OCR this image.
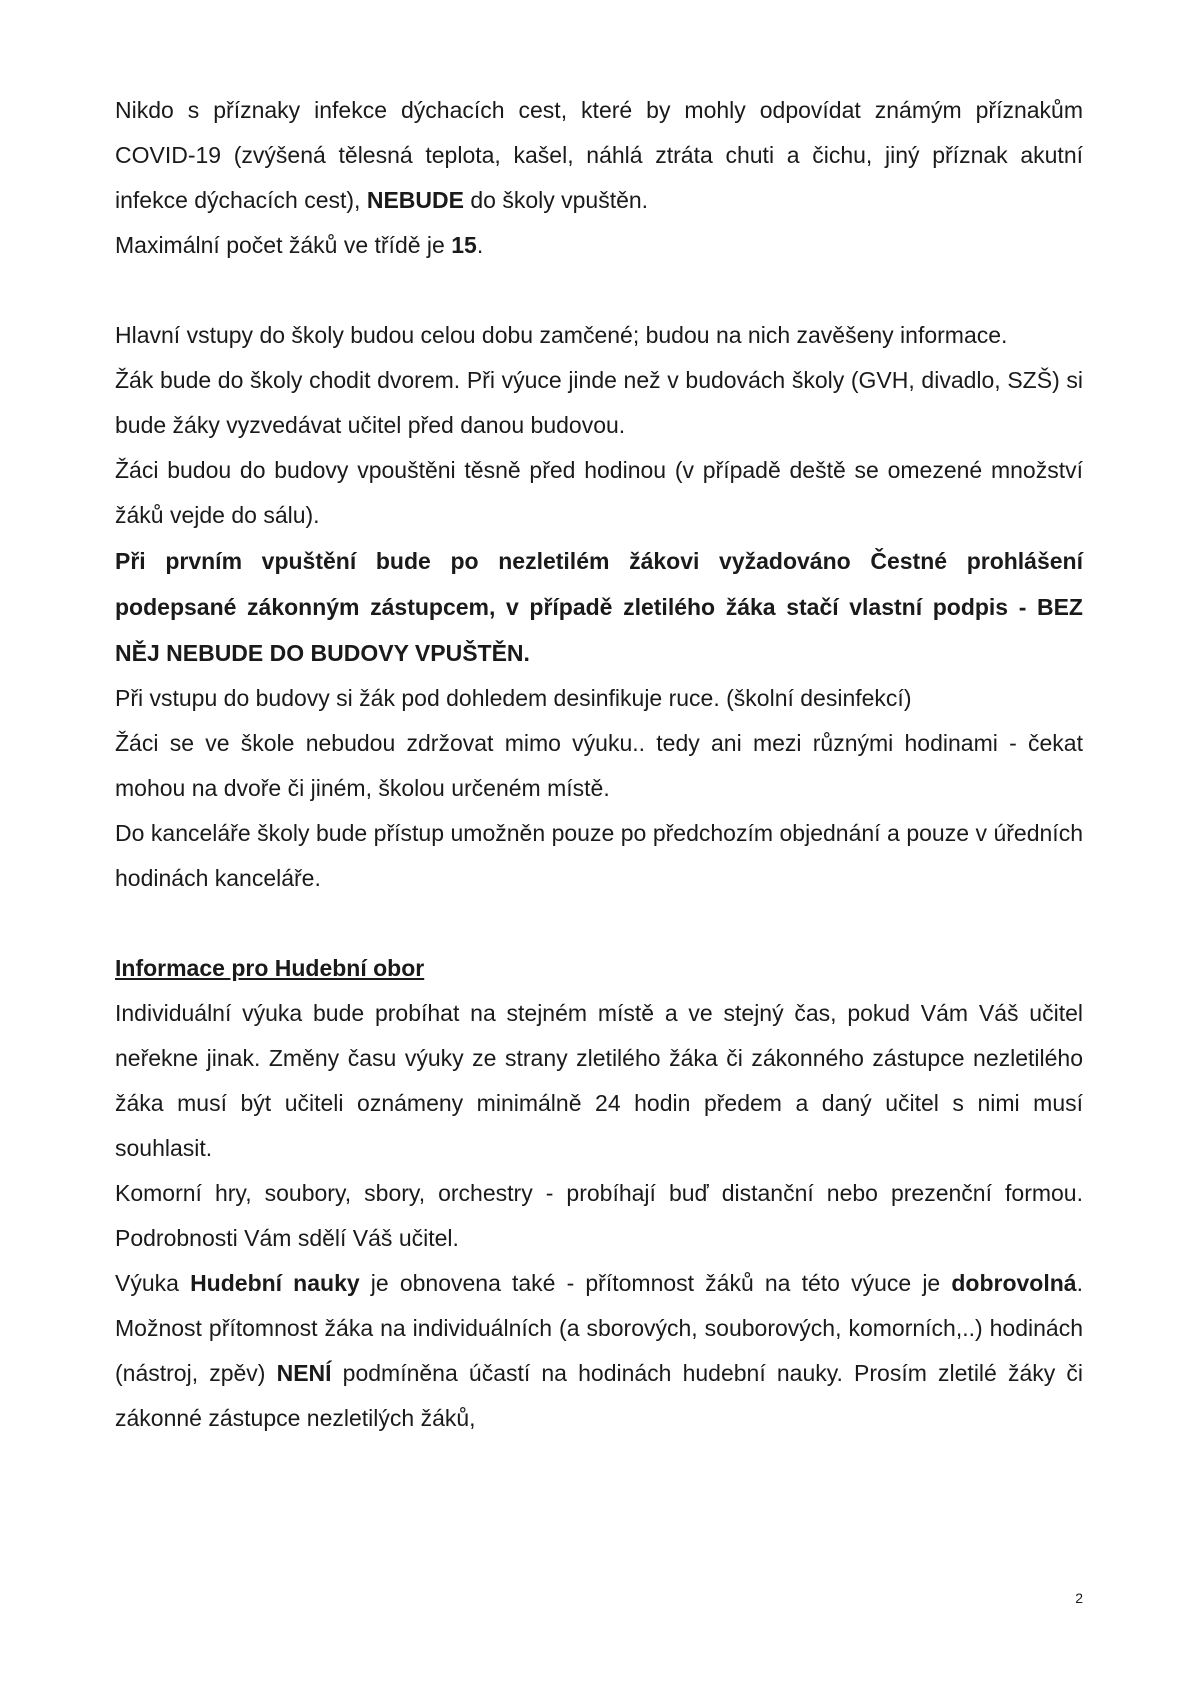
Nikdo s příznaky infekce dýchacích cest, které by mohly odpovídat známým příznakům COVID-19 (zvýšená tělesná teplota, kašel, náhlá ztráta chuti a čichu, jiný příznak akutní infekce dýchacích cest), NEBUDE do školy vpuštěn.

Maximální počet žáků ve třídě je 15.

Hlavní vstupy do školy budou celou dobu zamčené; budou na nich zavěšeny informace.

Žák bude do školy chodit dvorem. Při výuce jinde než v budovách školy (GVH, divadlo, SZŠ) si bude žáky vyzvedávat učitel před danou budovou.

Žáci budou do budovy vpouštěni těsně před hodinou (v případě deště se omezené množství žáků vejde do sálu).

Při prvním vpuštění bude po nezletilém žákovi vyžadováno Čestné prohlášení podepsané zákonným zástupcem, v případě zletilého žáka stačí vlastní podpis - BEZ NĚJ NEBUDE DO BUDOVY VPUŠTĚN.

Při vstupu do budovy si žák pod dohledem desinfikuje ruce. (školní desinfekcí)

Žáci se ve škole nebudou zdržovat mimo výuku.. tedy ani mezi různými hodinami - čekat mohou na dvoře či jiném, školou určeném místě.

Do kanceláře školy bude přístup umožněn pouze po předchozím objednání a pouze v úředních hodinách kanceláře.

Informace pro Hudební obor

Individuální výuka bude probíhat na stejném místě a ve stejný čas, pokud Vám Váš učitel neřekne jinak. Změny času výuky ze strany zletilého žáka či zákonného zástupce nezletilého žáka musí být učiteli oznámeny minimálně 24 hodin předem a daný učitel s nimi musí souhlasit.

Komorní hry, soubory, sbory, orchestry - probíhají buď distanční nebo prezenční formou. Podrobnosti Vám sdělí Váš učitel.

Výuka Hudební nauky je obnovena také - přítomnost žáků na této výuce je dobrovolná. Možnost přítomnost žáka na individuálních (a sborových, souborových, komorních,..) hodinách (nástroj, zpěv) NENÍ podmíněna účastí na hodinách hudební nauky. Prosím zletilé žáky či zákonné zástupce nezletilých žáků,

2
